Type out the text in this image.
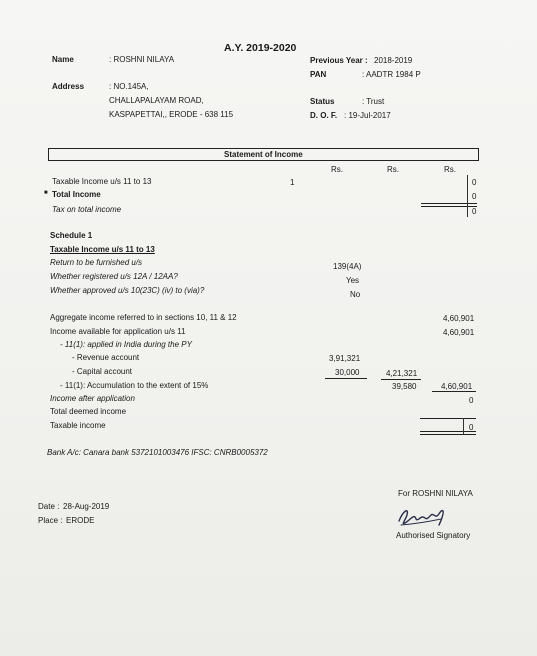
A.Y. 2019-2020
Name	: ROSHNI NILAYA	Previous Year : 2018-2019
PAN	: AADTR 1984 P
Address	: NO.145A,
CHALLAPALAYAM ROAD,
KASPAPETTAI,, ERODE - 638 115
Status	: Trust
D. O. F. : 19-Jul-2017
Statement of Income
Rs.	Rs.	Rs.
Taxable Income u/s 11 to 13	1	0
■ Total Income	0
Tax on total income	0
Schedule 1
Taxable Income u/s 11 to 13
Return to be furnished u/s	139(4A)
Whether registered u/s 12A / 12AA?	Yes
Whether approved u/s 10(23C) (iv) to (via)?	No
Aggregate income referred to in sections 10, 11 & 12	4,60,901
Income available for application u/s 11	4,60,901
- 11(1): applied in India during the PY
- Revenue account	3,91,321
- Capital account	30,000	4,21,321
- 11(1): Accumulation to the extent of 15%	39,580	4,60,901
Income after application	0
Total deemed income
Taxable income	0
Bank A/c: Canara bank 5372101003476 IFSC: CNRB0005372
For ROSHNI NILAYA
Authorised Signatory
Date : 28-Aug-2019
Place : ERODE
